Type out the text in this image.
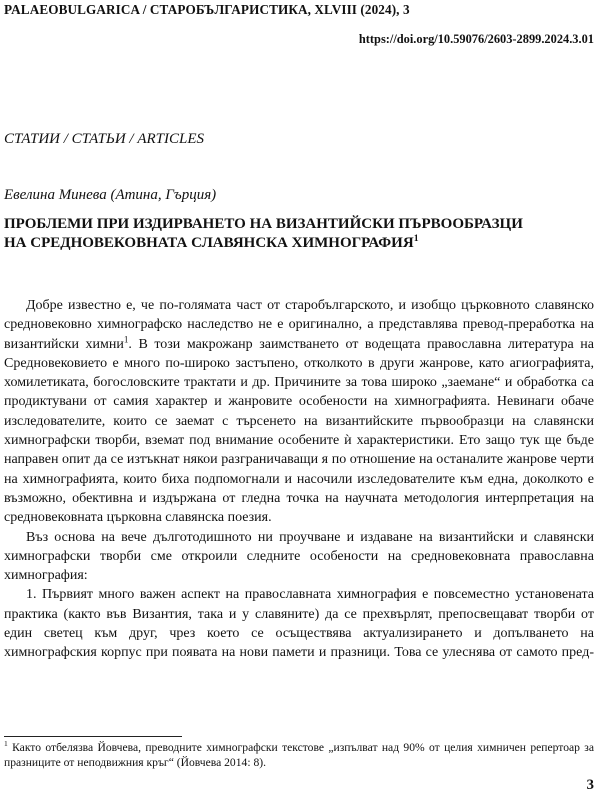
PALAEOBULGARICA / СТАРОБЪЛГАРИСТИКА, XLVIII (2024), 3
https://doi.org/10.59076/2603-2899.2024.3.01
СТАТИИ / СТАТЬИ / ARTICLES
Евелина Минева (Атина, Гърция)
ПРОБЛЕМИ ПРИ ИЗДИРВАНЕТО НА ВИЗАНТИЙСКИ ПЪРВООБРАЗЦИ
НА СРЕДНОВЕКОВНАТА СЛАВЯНСКА ХИМНОГРАФИЯ$^1$

Добре известно е, че по-голямата част от старобългарското, и изобщо църковното славянско средновековно химнографско наследство не е оригинално, а представлява превод-преработка на византийски химни$^1$. В този макрожанр заимстването от водещата православна литература на Средновековието е много по-широко застъпено, отколкото в други жанрове, като агиографията, хомилетиката, богословските трактати и др. Причините за това широко „заемане“ и обработка са продиктувани от самия характер и жанровите особености на химнографията. Невинаги обаче изследователите, които се заемат с търсенето на византийските първообразци на славянски химнографски творби, вземат под внимание особените ѝ характеристики. Ето защо тук ще бъде направен опит да се изтъкнат някои разграничаващи я по отношение на останалите жанрове черти на химнографията, които биха подпомогнали и насочили изследователите към една, доколкото е възможно, обективна и издържана от гледна точка на научната методология интерпретация на средновековната църковна славянска поезия.

Въз основа на вече дълготодишното ни проучване и издаване на византийски и славянски химнографски творби сме откроили следните особености на средновековната православна химнография:

1. Първият много важен аспект на православната химнография е повсеместно установената практика (както във Византия, така и у славяните) да се прехвърлят, препосвещават творби от един светец към друг, чрез което се осъществява актуализирането и допълването на химнографския корпус при появата на нови памети и празници. Това се улеснява от самото пред-

$^1$ Както отбелязва Йовчева, преводните химнографски текстове „изпълват над 90% от целия химничен репертоар за празниците от неподвижния кръг“ (Йовчева 2014: 8).

3
